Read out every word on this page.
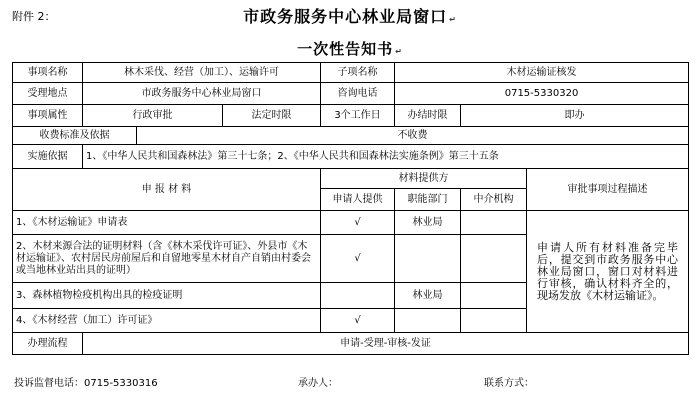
附件 2：	市政务服务中心林业局窗口 ↵
一次性告知书 ↵
事项名称	林木采伐、经营（加工）、运输许可			子项名称	木材运输证核发		
受理地点	市政务服务中心林业局窗口			咨询电话	0715-5330320		
事项属性	行政审批		法定时限	3个工作日	办结时限	即办	
收费标准及依据		不收费					
实施依据	1、《中华人民共和国森林法》第三十七条；2、《中华人民共和国森林法实施条例》第三十五条						
申 报 材 料				材料提供方			审批事项过程描述
				申请人提供	职能部门	中介机构	
1、《木材运输证》申请表				√	林业局		申请人所有材料准备完毕后，提交到市政务服务中心林业局窗口，窗口对材料进行审核，确认材料齐全的，现场发放《木材运输证》。
2、木材来源合法的证明材料（含《林木采伐许可证》、外县市《木材运输证》、农村居民房前屋后和自留地零星木材自产自销由村委会或当地林业站出具的证明）				√			
3、森林植物检疫机构出具的检疫证明					林业局		
4、《木材经营（加工）许可证》				√			
办理流程	申请-受理-审核-发证						
投诉监督电话：0715-5330316	承办人：	联系方式：
